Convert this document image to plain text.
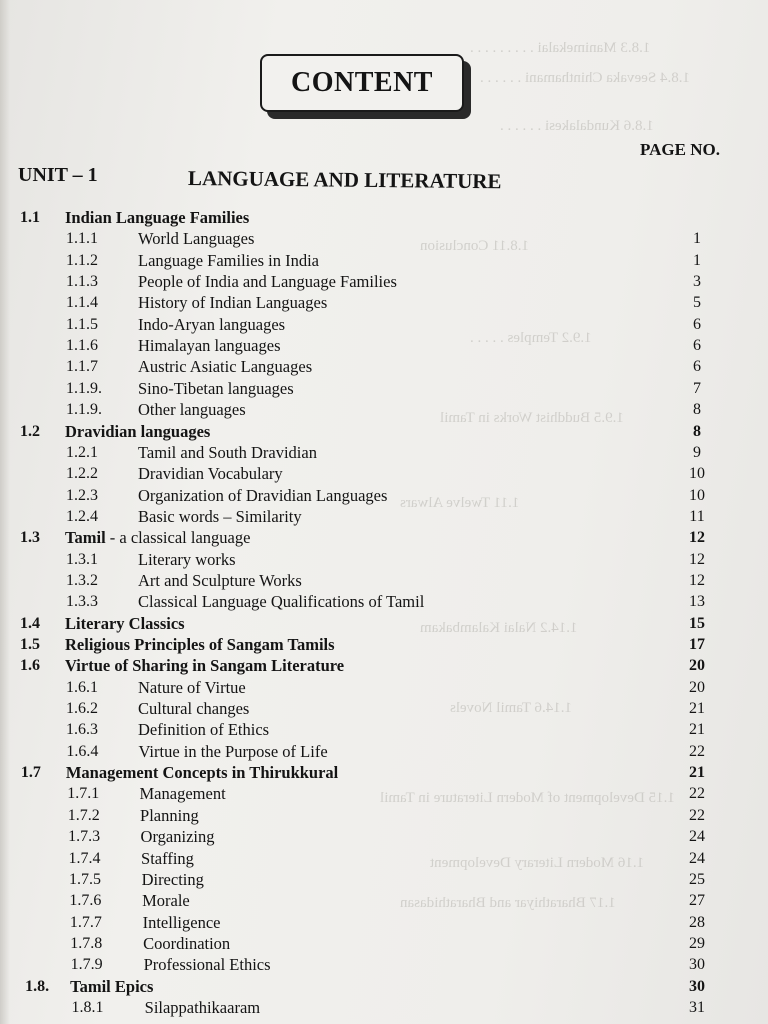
1.8.3 Manimekalai . . . . . . . . .
1.8.4 Seevaka Chinthamani . . . . . .
1.8.6 Kundalakesi . . . . . .
1.8.11 Conclusion
1.9.2 Temples . . . . .
1.9.5 Buddhist Works in Tamil
1.11 Twelve Alwars
1.14.2 Nalai Kalambakam
1.14.6 Tamil Novels
1.15 Development of Modern Literature in Tamil
1.16 Modern Literary Development
1.17 Bharathiyar and Bharathidasan
CONTENT
PAGE NO.
UNIT – 1	LANGUAGE AND LITERATURE
1.1 Indian Language Families
1.1.1 World Languages	1
1.1.2 Language Families in India	1
1.1.3 People of India and Language Families	3
1.1.4 History of Indian Languages	5
1.1.5 Indo-Aryan languages	6
1.1.6 Himalayan languages	6
1.1.7 Austric Asiatic Languages	6
1.1.9. Sino-Tibetan languages	7
1.1.9. Other languages	8
1.2 Dravidian languages	8
1.2.1 Tamil and South Dravidian	9
1.2.2 Dravidian Vocabulary	10
1.2.3 Organization of Dravidian Languages	10
1.2.4 Basic words – Similarity	11
1.3 Tamil - a classical language	12
1.3.1 Literary works	12
1.3.2 Art and Sculpture Works	12
1.3.3 Classical Language Qualifications of Tamil	13
1.4 Literary Classics	15
1.5 Religious Principles of Sangam Tamils	17
1.6 Virtue of Sharing in Sangam Literature	20
1.6.1 Nature of Virtue	20
1.6.2 Cultural changes	21
1.6.3 Definition of Ethics	21
1.6.4 Virtue in the Purpose of Life	22
1.7 Management Concepts in Thirukkural	21
1.7.1 Management	22
1.7.2 Planning	22
1.7.3 Organizing	24
1.7.4 Staffing	24
1.7.5 Directing	25
1.7.6 Morale	27
1.7.7 Intelligence	28
1.7.8 Coordination	29
1.7.9 Professional Ethics	30
1.8. Tamil Epics	30
1.8.1 Silappathikaaram	31
